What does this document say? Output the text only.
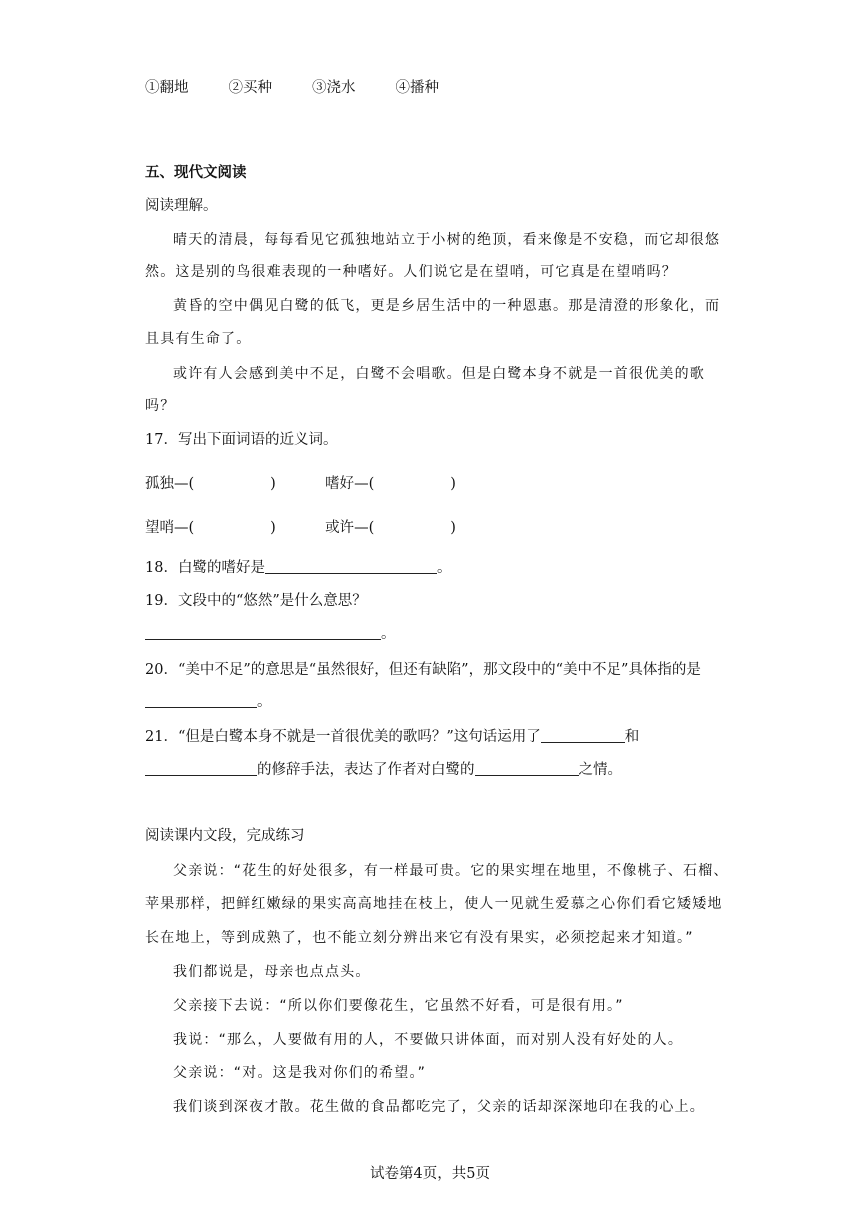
①翻地	②买种	③浇水	④播种
五、现代文阅读
阅读理解。
晴天的清晨，每每看见它孤独地站立于小树的绝顶，看来像是不安稳，而它却很悠
然。这是别的鸟很难表现的一种嗜好。人们说它是在望哨，可它真是在望哨吗？
黄昏的空中偶见白鹭的低飞，更是乡居生活中的一种恩惠。那是清澄的形象化，而
且具有生命了。
或许有人会感到美中不足，白鹭不会唱歌。但是白鹭本身不就是一首很优美的歌
吗？
17．写出下面词语的近义词。
孤独—(	)	嗜好—(	)
望哨—(	)	或许—(	)
18．白鹭的嗜好是	。
19．文段中的“悠然”是什么意思？
。
20．“美中不足”的意思是“虽然很好，但还有缺陷”，那文段中的“美中不足”具体指的是
。
21．“但是白鹭本身不就是一首很优美的歌吗？”这句话运用了	和
的修辞手法，表达了作者对白鹭的	之情。
阅读课内文段，完成练习
父亲说：“花生的好处很多，有一样最可贵。它的果实埋在地里，不像桃子、石榴、
苹果那样，把鲜红嫩绿的果实高高地挂在枝上，使人一见就生爱慕之心你们看它矮矮地
长在地上，等到成熟了，也不能立刻分辨出来它有没有果实，必须挖起来才知道。”
我们都说是，母亲也点点头。
父亲接下去说：“所以你们要像花生，它虽然不好看，可是很有用。”
我说：“那么，人要做有用的人，不要做只讲体面，而对别人没有好处的人。
父亲说：“对。这是我对你们的希望。”
我们谈到深夜才散。花生做的食品都吃完了，父亲的话却深深地印在我的心上。
试卷第4页，共5页
